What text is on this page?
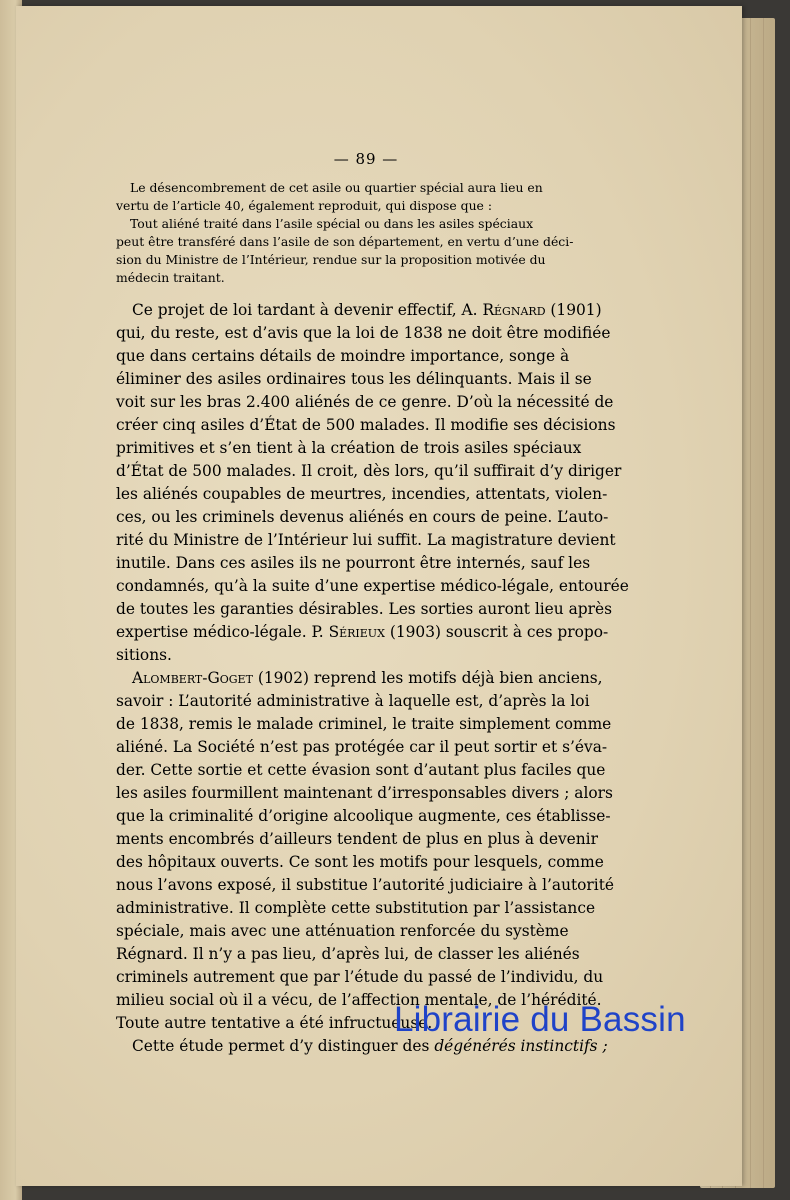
— 89 —
Le désencombrement de cet asile ou quartier spécial aura lieu en
vertu de l’article 40, également reproduit, qui dispose que :
Tout aliéné traité dans l’asile spécial ou dans les asiles spéciaux
peut être transféré dans l’asile de son département, en vertu d’une déci-
sion du Ministre de l’Intérieur, rendue sur la proposition motivée du
médecin traitant.
Ce projet de loi tardant à devenir effectif, A. Régnard (1901)
qui, du reste, est d’avis que la loi de 1838 ne doit être modifiée
que dans certains détails de moindre importance, songe à
éliminer des asiles ordinaires tous les délinquants. Mais il se
voit sur les bras 2.400 aliénés de ce genre. D’où la nécessité de
créer cinq asiles d’État de 500 malades. Il modifie ses décisions
primitives et s’en tient à la création de trois asiles spéciaux
d’État de 500 malades. Il croit, dès lors, qu’il suffirait d’y diriger
les aliénés coupables de meurtres, incendies, attentats, violen-
ces, ou les criminels devenus aliénés en cours de peine. L’auto-
rité du Ministre de l’Intérieur lui suffit. La magistrature devient
inutile. Dans ces asiles ils ne pourront être internés, sauf les
condamnés, qu’à la suite d’une expertise médico-légale, entourée
de toutes les garanties désirables. Les sorties auront lieu après
expertise médico-légale. P. Sérieux (1903) souscrit à ces propo-
sitions.
Alombert-Goget (1902) reprend les motifs déjà bien anciens,
savoir : L’autorité administrative à laquelle est, d’après la loi
de 1838, remis le malade criminel, le traite simplement comme
aliéné. La Société n’est pas protégée car il peut sortir et s’éva-
der. Cette sortie et cette évasion sont d’autant plus faciles que
les asiles fourmillent maintenant d’irresponsables divers ; alors
que la criminalité d’origine alcoolique augmente, ces établisse-
ments encombrés d’ailleurs tendent de plus en plus à devenir
des hôpitaux ouverts. Ce sont les motifs pour lesquels, comme
nous l’avons exposé, il substitue l’autorité judiciaire à l’autorité
administrative. Il complète cette substitution par l’assistance
spéciale, mais avec une atténuation renforcée du système
Régnard. Il n’y a pas lieu, d’après lui, de classer les aliénés
criminels autrement que par l’étude du passé de l’individu, du
milieu social où il a vécu, de l’affection mentale, de l’hérédité.
Toute autre tentative a été infructueuse.
Cette étude permet d’y distinguer des dégénérés instinctifs ;
Librairie du Bassin
